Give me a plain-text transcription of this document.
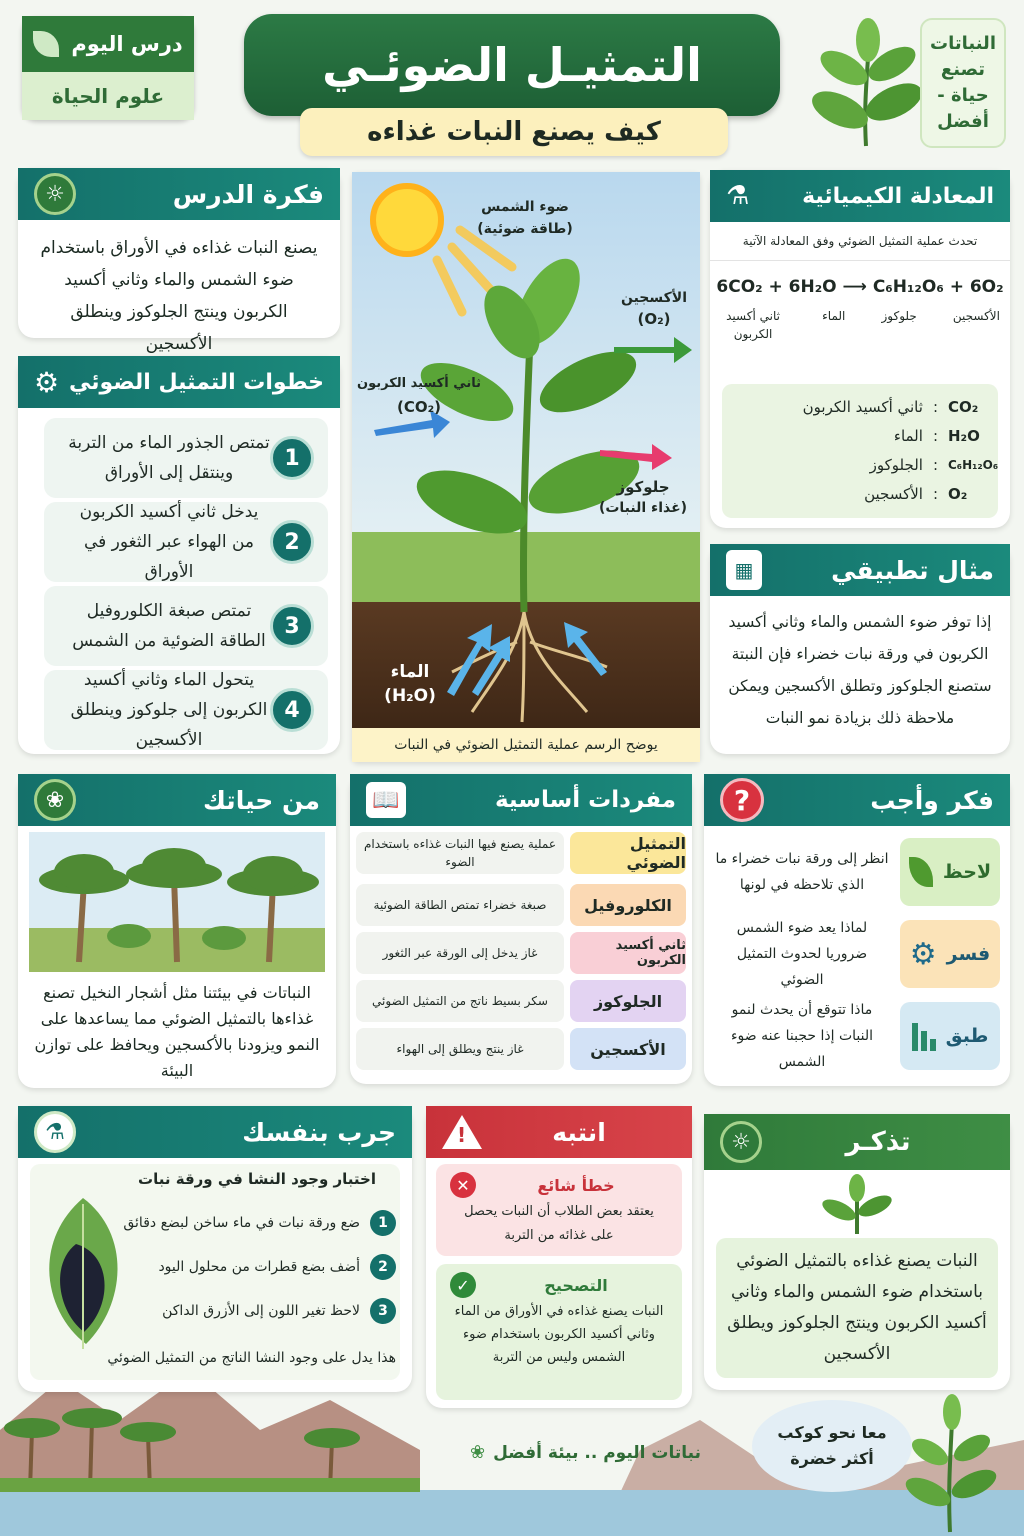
درس اليوم
علوم الحياة
التمثيـل الضوئـي
كيف يصنع النبات غذاءه
النباتات تصنع حياة - أفضل
فكرة الدرس
☼

يصنع النبات غذاءه في الأوراق باستخدام ضوء الشمس والماء وثاني أكسيد الكربون وينتج الجلوكوز وينطلق الأكسجين

خطوات التمثيل الضوئي
⚙
1
تمتص الجذور الماء من التربة وينتقل إلى الأوراق
2
يدخل ثاني أكسيد الكربون من الهواء عبر الثغور في الأوراق
3
تمتص صبغة الكلوروفيل الطاقة الضوئية من الشمس
4
يتحول الماء وثاني أكسيد الكربون إلى جلوكوز وينطلق الأكسجين
ضوء الشمس (طاقة ضوئية)
الأكسجين
(O₂)
ثاني أكسيد الكربون
(CO₂)
جلوكوز
(غذاء النبات)
الماء
(H₂O)
يوضح الرسم عملية التمثيل الضوئي في النبات
المعادلة الكيميائية
⚗
تحدث عملية التمثيل الضوئي وفق المعادلة الآتية
6CO₂ + 6H₂O ⟶ C₆H₁₂O₆ + 6O₂
الأكسجين
جلوكوز
الماء
ثاني أكسيد الكربون
ثاني أكسيد الكربون : CO₂
الماء : H₂O
الجلوكوز : C₆H₁₂O₆
الأكسجين : O₂
مثال تطبيقي
▦

إذا توفر ضوء الشمس والماء وثاني أكسيد الكربون في ورقة نبات خضراء فإن النبتة ستصنع الجلوكوز وتطلق الأكسجين ويمكن ملاحظة ذلك بزيادة نمو النبات

من حياتك
❀

النباتات في بيئتنا مثل أشجار النخيل تصنع غذاءها بالتمثيل الضوئي مما يساعدها على النمو ويزودنا بالأكسجين ويحافظ على توازن البيئة

مفردات أساسية
📖
التمثيل الضوئي
عملية يصنع فيها النبات غذاءه باستخدام الضوء
الكلوروفيل
صبغة خضراء تمتص الطاقة الضوئية
ثاني أكسيد الكربون
غاز يدخل إلى الورقة عبر الثغور
الجلوكوز
سكر بسيط ناتج من التمثيل الضوئي
الأكسجين
غاز ينتج ويطلق إلى الهواء
فكر وأجب
?
لاحظ
انظر إلى ورقة نبات خضراء ما الذي تلاحظه في لونها
فسر
⚙
لماذا يعد ضوء الشمس ضروريا لحدوث التمثيل الضوئي
طبق
ماذا تتوقع أن يحدث لنمو النبات إذا حجبنا عنه ضوء الشمس
جرب بنفسك
⚗
اختبار وجود النشا في ورقة نبات
1
ضع ورقة نبات في ماء ساخن لبضع دقائق
2
أضف بضع قطرات من محلول اليود
3
لاحظ تغير اللون إلى الأزرق الداكن
هذا يدل على وجود النشا الناتج من التمثيل الضوئي
انتبه
!
✕	خطأ شائع
يعتقد بعض الطلاب أن النبات يحصل على غذائه من التربة
✓	التصحيح
النبات يصنع غذاءه في الأوراق من الماء وثاني أكسيد الكربون باستخدام ضوء الشمس وليس من التربة
تذكـر
☼

النبات يصنع غذاءه بالتمثيل الضوئي باستخدام ضوء الشمس والماء وثاني أكسيد الكربون وينتج الجلوكوز ويطلق الأكسجين

نباتات اليوم .. بيئة أفضل
❀
معا نحو كوكب أكثر خضرة
